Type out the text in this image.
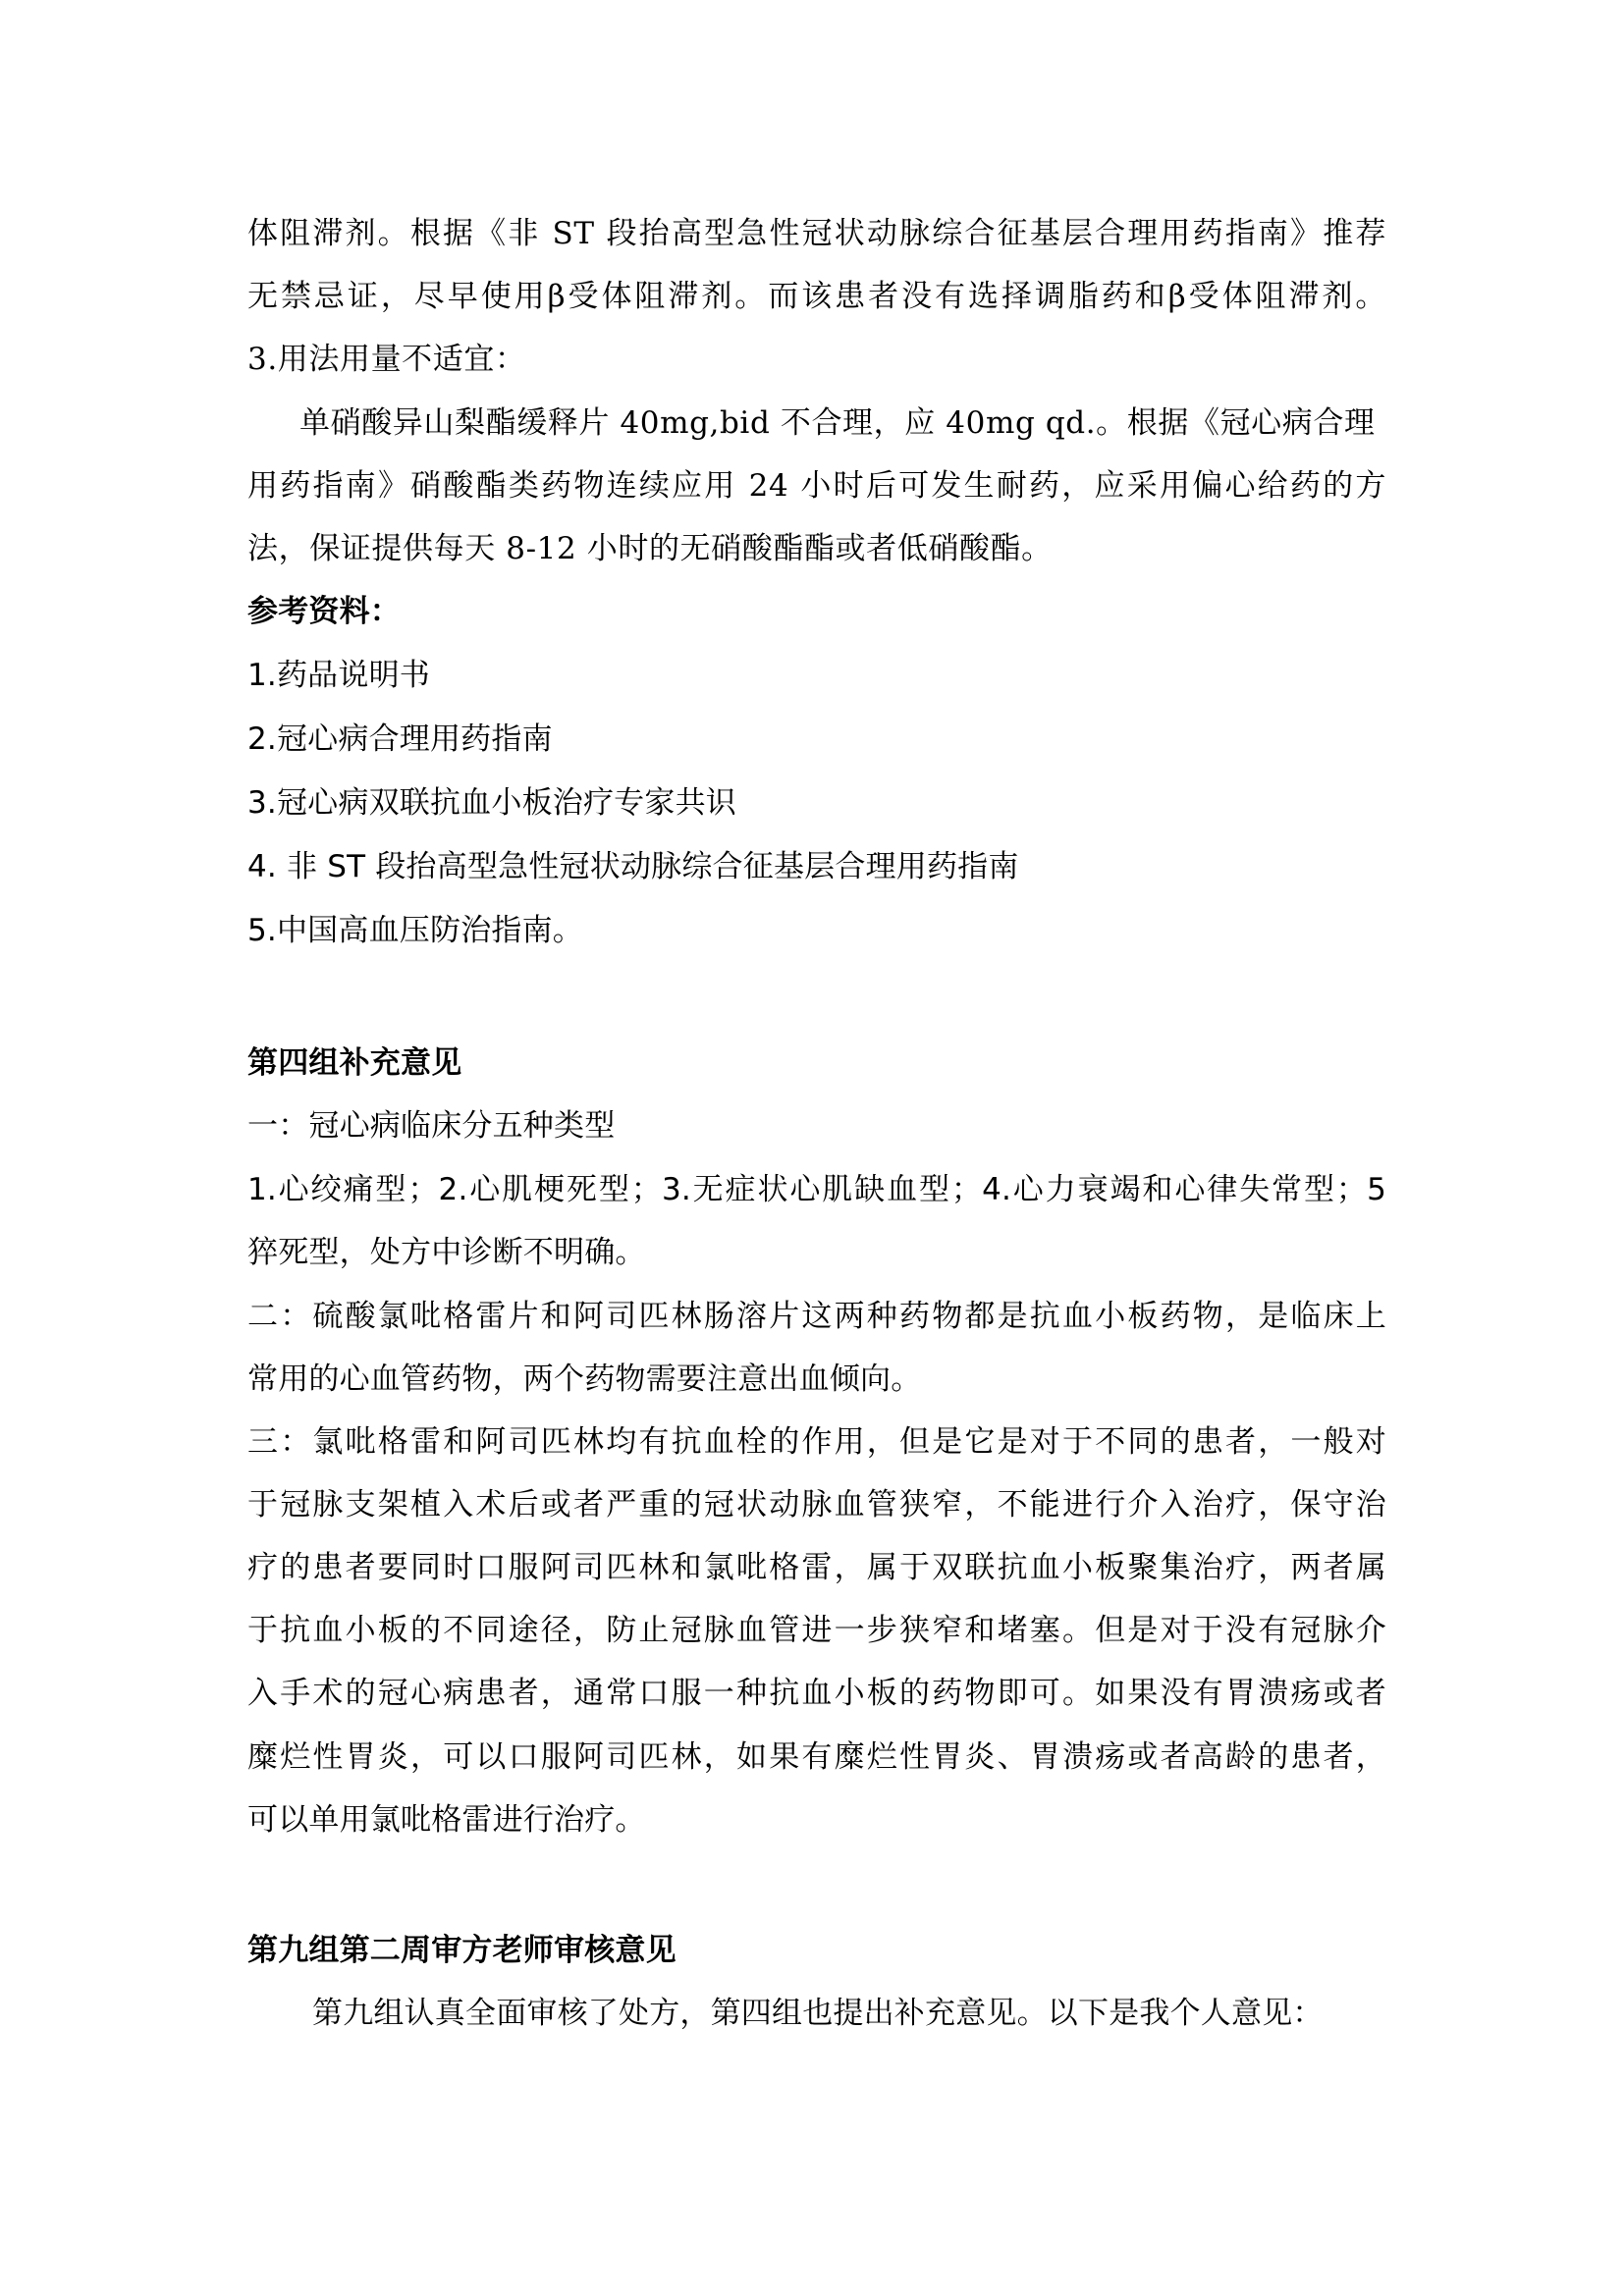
体阻滞剂。根据《非 ST 段抬高型急性冠状动脉综合征基层合理用药指南》推荐
无禁忌证，尽早使用β受体阻滞剂。而该患者没有选择调脂药和β受体阻滞剂。
3.用法用量不适宜：
单硝酸异山梨酯缓释片 40mg,bid 不合理，应 40mg qd.。根据《冠心病合理
用药指南》硝酸酯类药物连续应用 24 小时后可发生耐药，应采用偏心给药的方
法，保证提供每天 8-12 小时的无硝酸酯酯或者低硝酸酯。
参考资料：
1.药品说明书
2.冠心病合理用药指南
3.冠心病双联抗血小板治疗专家共识
4. 非 ST 段抬高型急性冠状动脉综合征基层合理用药指南
5.中国高血压防治指南。
第四组补充意见
一：冠心病临床分五种类型
1.心绞痛型；2.心肌梗死型；3.无症状心肌缺血型；4.心力衰竭和心律失常型；5
猝死型，处方中诊断不明确。
二：硫酸氯吡格雷片和阿司匹林肠溶片这两种药物都是抗血小板药物，是临床上
常用的心血管药物，两个药物需要注意出血倾向。
三：氯吡格雷和阿司匹林均有抗血栓的作用，但是它是对于不同的患者，一般对
于冠脉支架植入术后或者严重的冠状动脉血管狭窄，不能进行介入治疗，保守治
疗的患者要同时口服阿司匹林和氯吡格雷，属于双联抗血小板聚集治疗，两者属
于抗血小板的不同途径，防止冠脉血管进一步狭窄和堵塞。但是对于没有冠脉介
入手术的冠心病患者，通常口服一种抗血小板的药物即可。如果没有胃溃疡或者
糜烂性胃炎，可以口服阿司匹林，如果有糜烂性胃炎、胃溃疡或者高龄的患者，
可以单用氯吡格雷进行治疗。
第九组第二周审方老师审核意见
第九组认真全面审核了处方，第四组也提出补充意见。以下是我个人意见：
